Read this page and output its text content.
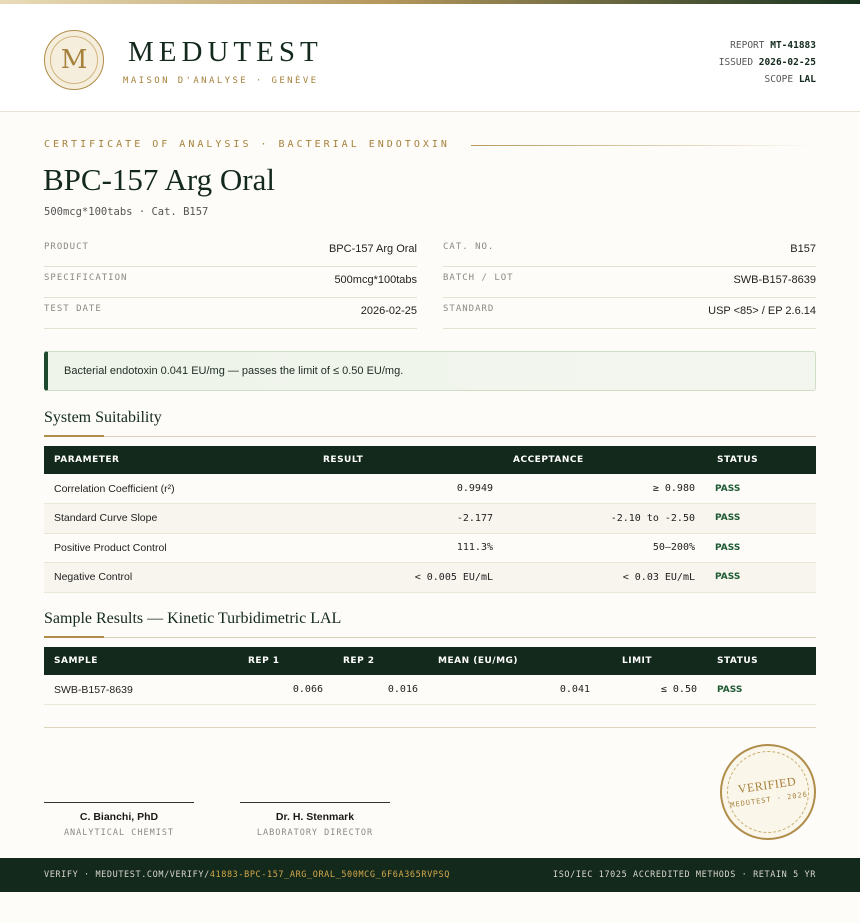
M	MEDUTEST
MAISON D'ANALYSE · GENÈVE
REPORT MT-41883
ISSUED 2026-02-25
SCOPE LAL
CERTIFICATE OF ANALYSIS · BACTERIAL ENDOTOXIN
BPC-157 Arg Oral
500mcg*100tabs · Cat. B157
PRODUCT	BPC-157 Arg Oral
SPECIFICATION	500mcg*100tabs
TEST DATE	2026-02-25
CAT. NO.	B157
BATCH / LOT	SWB-B157-8639
STANDARD	USP <85> / EP 2.6.14
Bacterial endotoxin 0.041 EU/mg — passes the limit of ≤ 0.50 EU/mg.
System Suitability
PARAMETER	RESULT	ACCEPTANCE	STATUS
Correlation Coefficient (r²)	0.9949	≥ 0.980	PASS
Standard Curve Slope	-2.177	-2.10 to -2.50	PASS
Positive Product Control	111.3%	50–200%	PASS
Negative Control	< 0.005 EU/mL	< 0.03 EU/mL	PASS
Sample Results — Kinetic Turbidimetric LAL
SAMPLE	REP 1	REP 2	MEAN (EU/MG)	LIMIT	STATUS
SWB-B157-8639	0.066	0.016	0.041	≤ 0.50	PASS
C. Bianchi, PhD
ANALYTICAL CHEMIST
Dr. H. Stenmark
LABORATORY DIRECTOR
VERIFIED
MEDUTEST · 2026
VERIFY · MEDUTEST.COM/VERIFY/41883-BPC-157_ARG_ORAL_500MCG_6F6A365RVPSQ	ISO/IEC 17025 ACCREDITED METHODS · RETAIN 5 YR
